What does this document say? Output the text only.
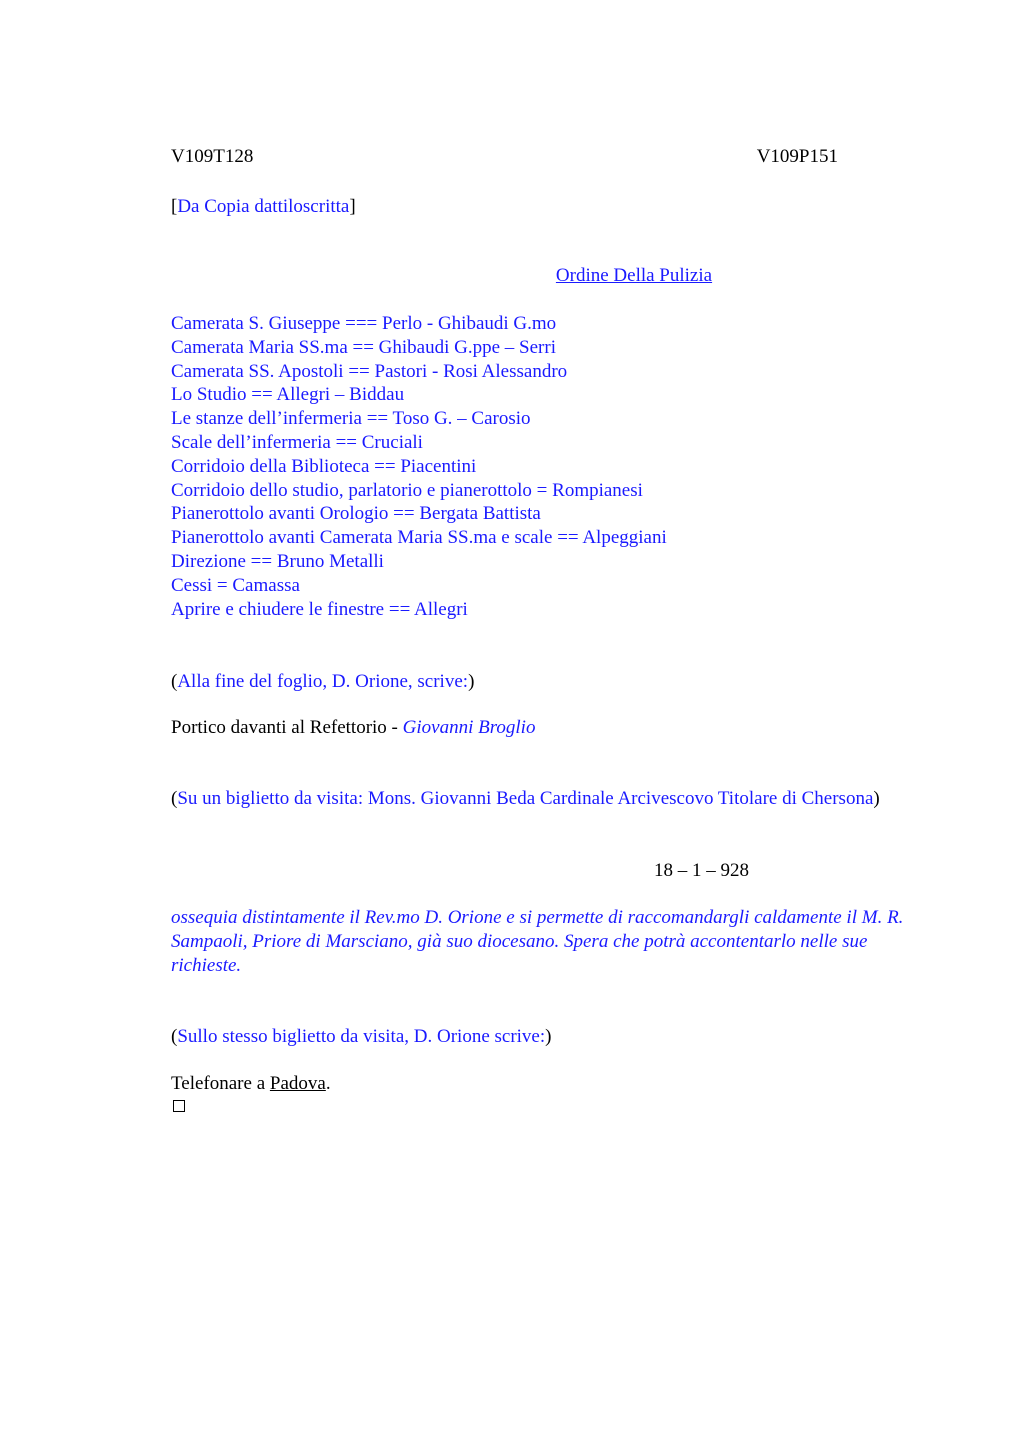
V109T128	V109P151
[Da Copia dattiloscritta]
Ordine Della Pulizia
Camerata S. Giuseppe === Perlo - Ghibaudi G.mo
Camerata Maria SS.ma == Ghibaudi G.ppe – Serri
Camerata SS. Apostoli == Pastori - Rosi Alessandro
Lo Studio == Allegri – Biddau
Le stanze dell’infermeria == Toso G. – Carosio
Scale dell’infermeria == Cruciali
Corridoio della Biblioteca == Piacentini
Corridoio dello studio, parlatorio e pianerottolo = Rompianesi
Pianerottolo avanti Orologio == Bergata Battista
Pianerottolo avanti Camerata Maria SS.ma e scale == Alpeggiani
Direzione == Bruno Metalli
Cessi = Camassa
Aprire e chiudere le finestre == Allegri
(Alla fine del foglio, D. Orione, scrive:)
Portico davanti al Refettorio - Giovanni Broglio
(Su un biglietto da visita: Mons. Giovanni Beda Cardinale Arcivescovo Titolare di Chersona)
18 – 1 – 928
ossequia distintamente il Rev.mo D. Orione e si permette di raccomandargli caldamente il M. R. Sampaoli, Priore di Marsciano, già suo diocesano. Spera che potrà accontentarlo nelle sue richieste.
(Sullo stesso biglietto da visita, D. Orione scrive:)
Telefonare a Padova.
